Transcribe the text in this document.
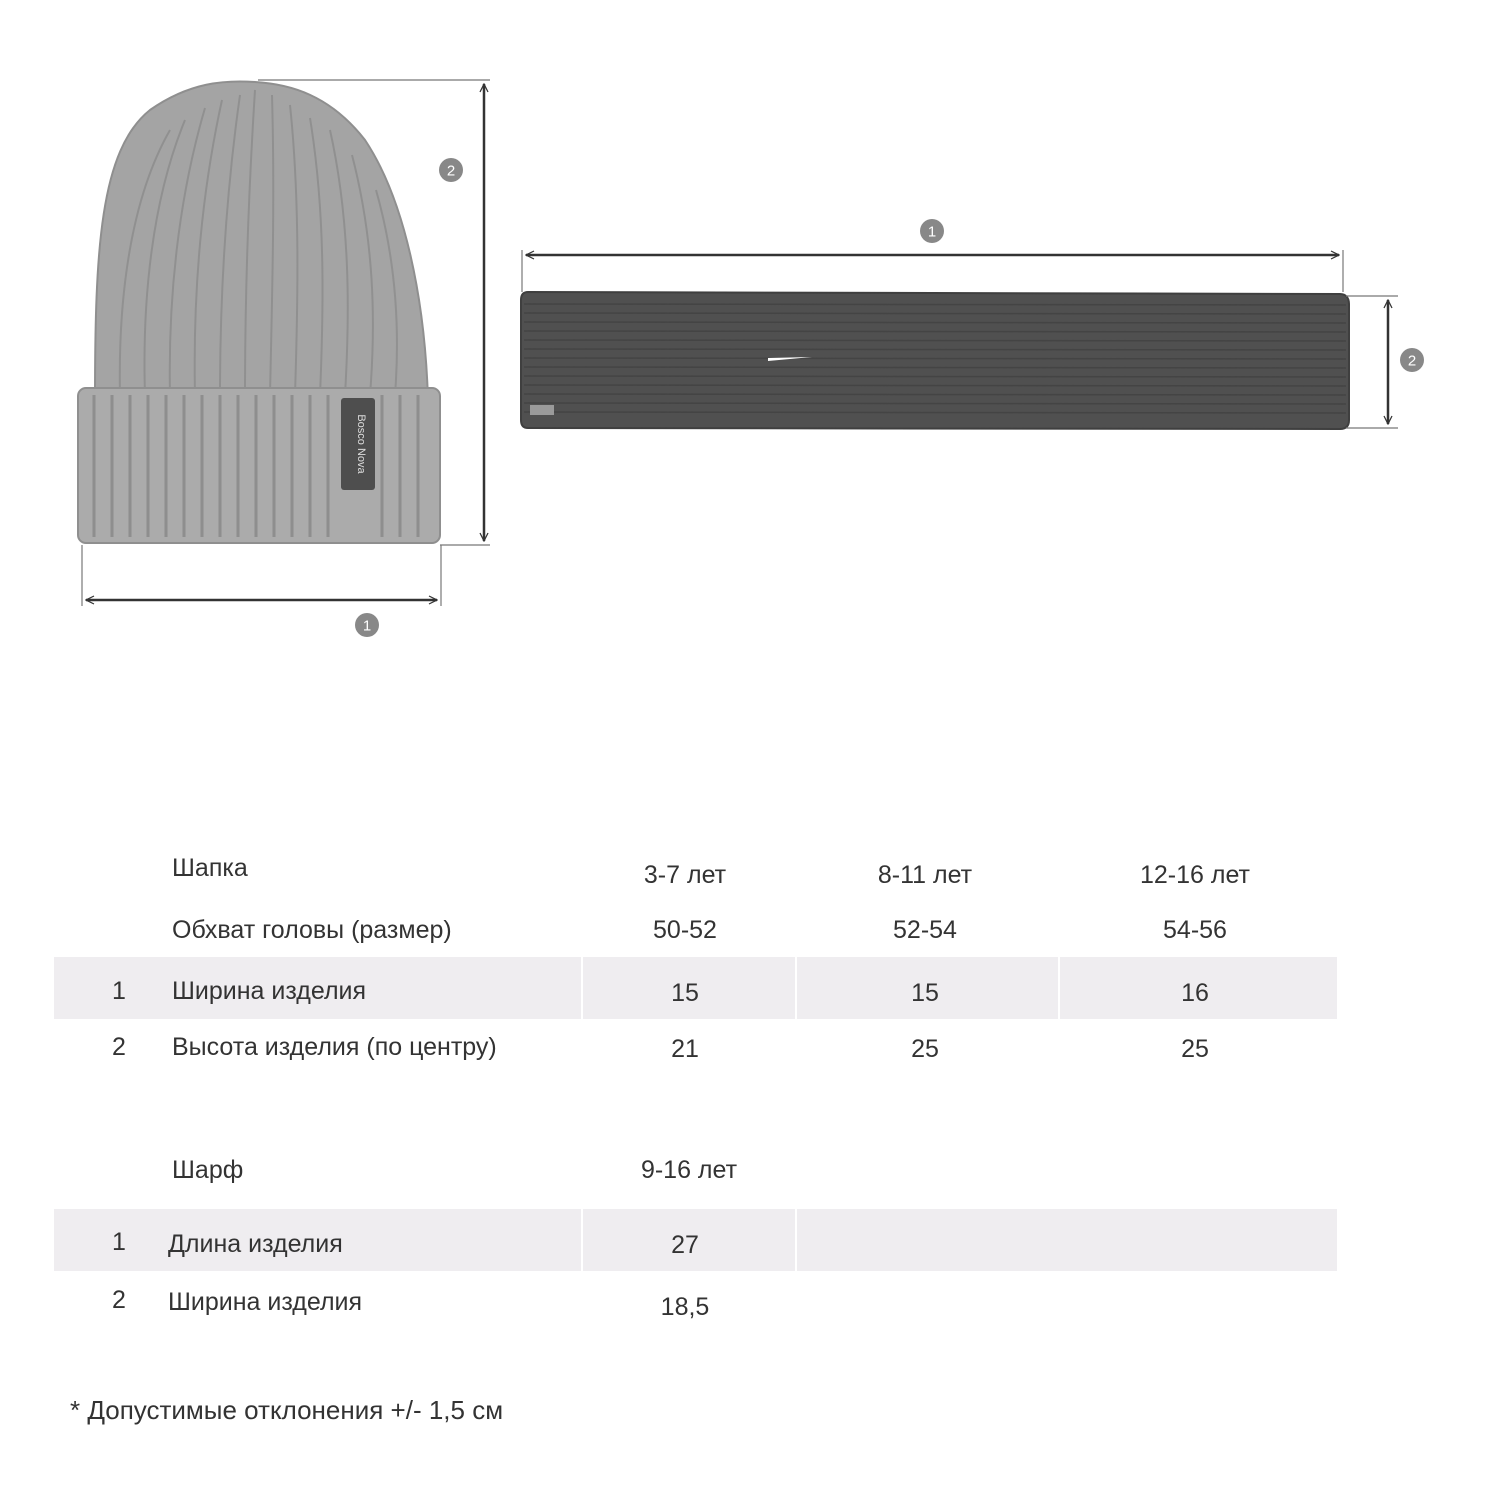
Bosco Nova
2
1
1
2
Шапка	3-7 лет	8-11 лет	12-16 лет
Обхват головы (размер)	50-52	52-54	54-56
1 Ширина изделия	15	15	16
2 Высота изделия (по центру)	21	25	25
Шарф	9-16 лет
1 Длина изделия	27
2 Ширина изделия	18,5
* Допустимые отклонения +/- 1,5 см
